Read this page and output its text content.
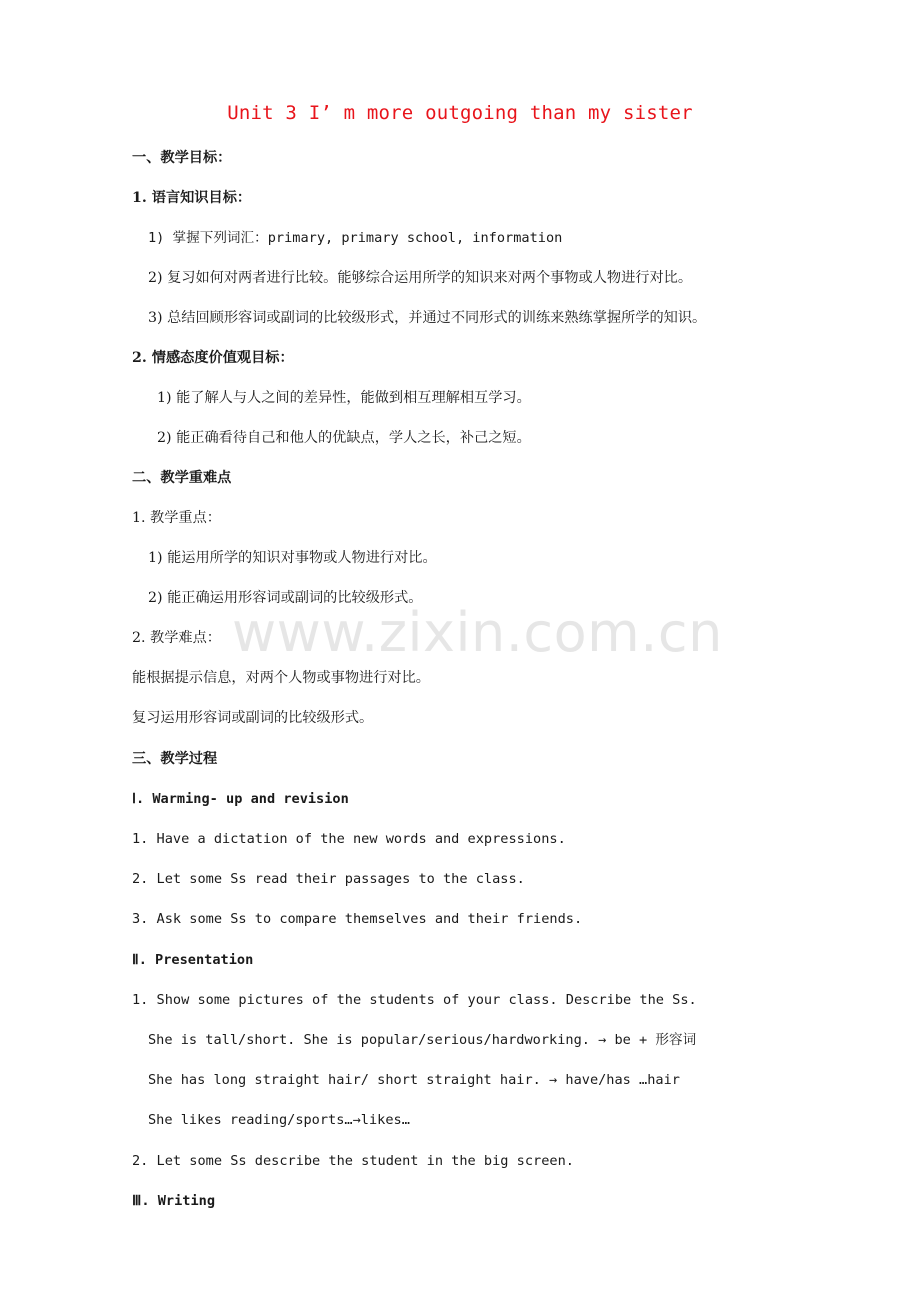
Unit 3 I’ m more outgoing than my sister
一、教学目标：
1. 语言知识目标：
1) 掌握下列词汇：primary, primary school, information
2) 复习如何对两者进行比较。能够综合运用所学的知识来对两个事物或人物进行对比。
3) 总结回顾形容词或副词的比较级形式，并通过不同形式的训练来熟练掌握所学的知识。
2. 情感态度价值观目标：
1) 能了解人与人之间的差异性，能做到相互理解相互学习。
2) 能正确看待自己和他人的优缺点，学人之长，补己之短。
二、教学重难点
1. 教学重点：
1) 能运用所学的知识对事物或人物进行对比。
2) 能正确运用形容词或副词的比较级形式。
2. 教学难点：
能根据提示信息，对两个人物或事物进行对比。
复习运用形容词或副词的比较级形式。
三、教学过程
Ⅰ. Warming- up and revision
1. Have a dictation of the new words and expressions.
2. Let some Ss read their passages to the class.
3. Ask some Ss to compare themselves and their friends.
Ⅱ. Presentation
1. Show some pictures of the students of your class. Describe the Ss.
She is tall/short. She is popular/serious/hardworking. → be + 形容词
She has long straight hair/ short straight hair. → have/has …hair
She likes reading/sports…→likes…
2. Let some Ss describe the student in the big screen.
Ⅲ. Writing
www.zixin.com.cn
